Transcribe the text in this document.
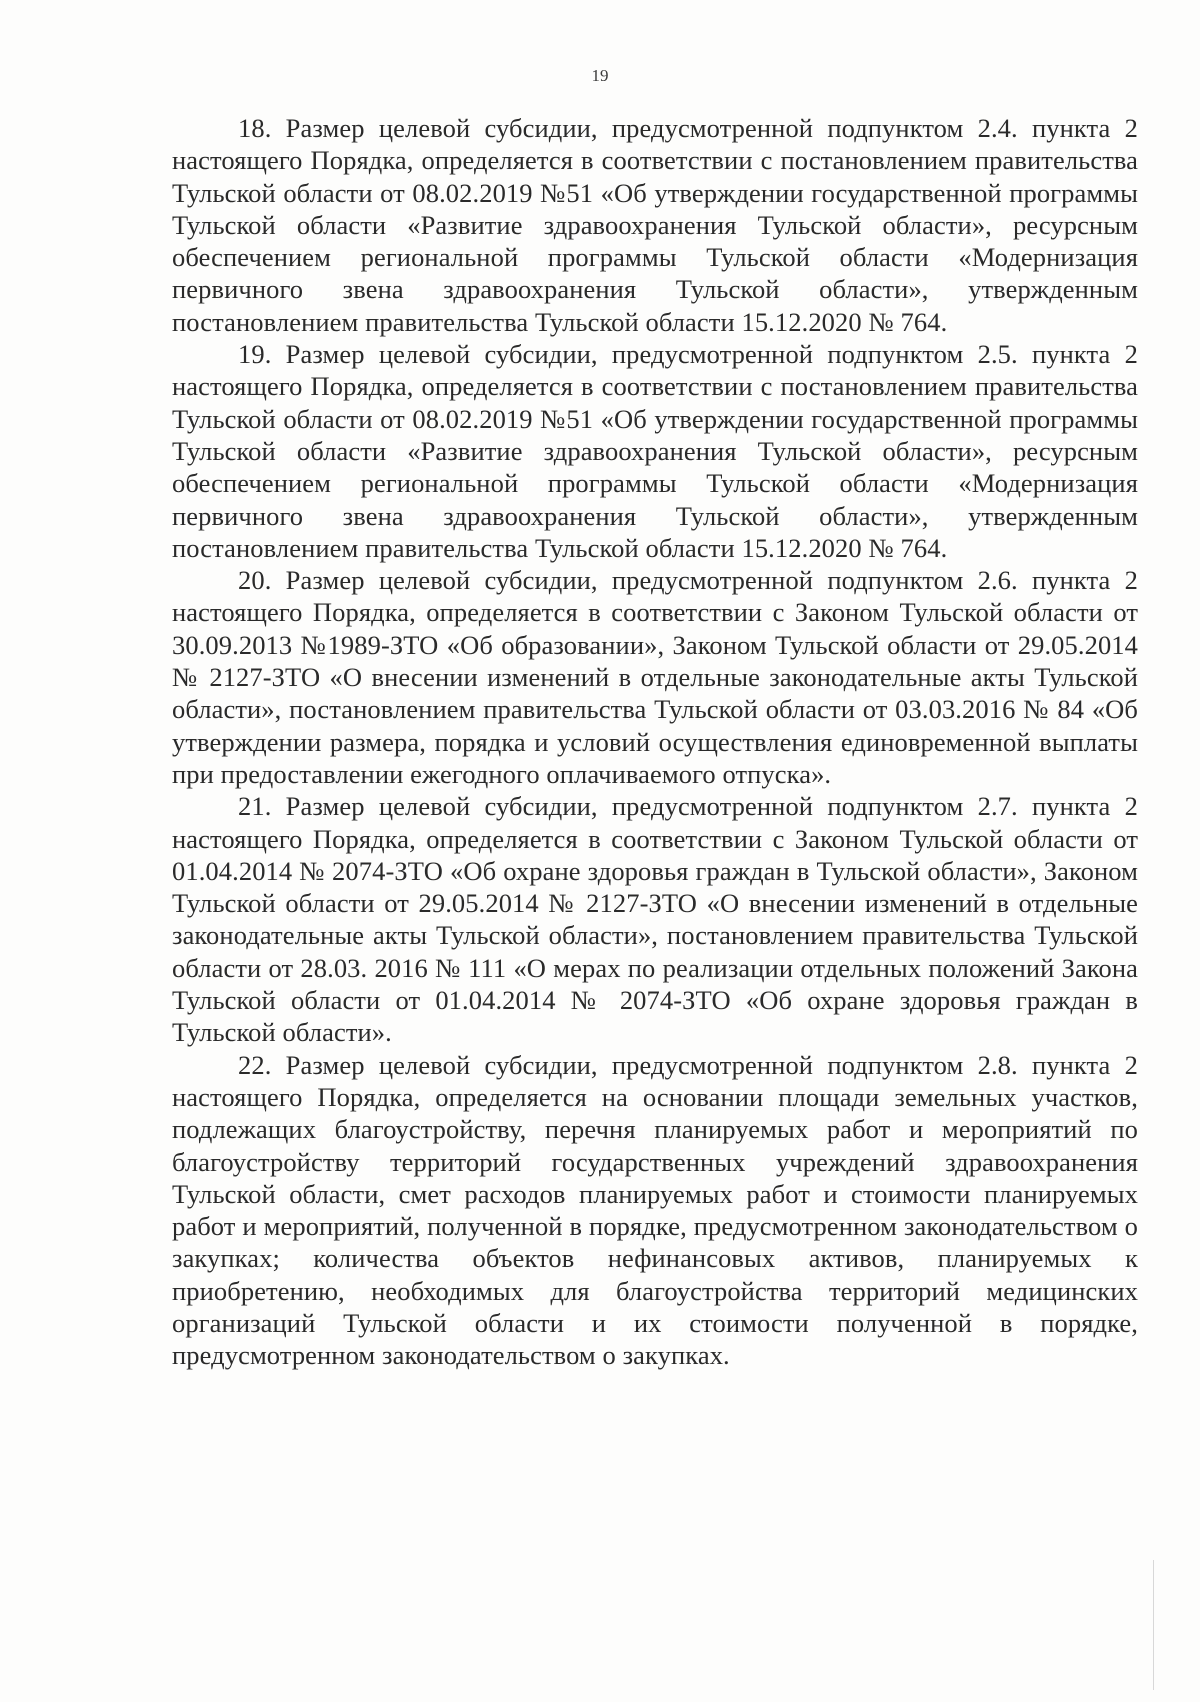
19

18. Размер целевой субсидии, предусмотренной подпунктом 2.4. пункта 2 настоящего Порядка, определяется в соответствии с постановлением правительства Тульской области от 08.02.2019 №51 «Об утверждении государственной программы Тульской области «Развитие здравоохранения Тульской области», ресурсным обеспечением региональной программы Тульской области «Модернизация первичного звена здравоохранения Тульской области», утвержденным постановлением правительства Тульской области 15.12.2020 № 764.

19. Размер целевой субсидии, предусмотренной подпунктом 2.5. пункта 2 настоящего Порядка, определяется в соответствии с постановлением правительства Тульской области от 08.02.2019 №51 «Об утверждении государственной программы Тульской области «Развитие здравоохранения Тульской области», ресурсным обеспечением региональной программы Тульской области «Модернизация первичного звена здравоохранения Тульской области», утвержденным постановлением правительства Тульской области 15.12.2020 № 764.

20. Размер целевой субсидии, предусмотренной подпунктом 2.6. пункта 2 настоящего Порядка, определяется в соответствии с Законом Тульской области от 30.09.2013 №1989-ЗТО «Об образовании», Законом Тульской области от 29.05.2014 № 2127-ЗТО «О внесении изменений в отдельные законодательные акты Тульской области», постановлением правительства Тульской области от 03.03.2016 № 84 «Об утверждении размера, порядка и условий осуществления единовременной выплаты при предоставлении ежегодного оплачиваемого отпуска».

21. Размер целевой субсидии, предусмотренной подпунктом 2.7. пункта 2 настоящего Порядка, определяется в соответствии с Законом Тульской области от 01.04.2014 № 2074-ЗТО «Об охране здоровья граждан в Тульской области», Законом Тульской области от 29.05.2014 № 2127-ЗТО «О внесении изменений в отдельные законодательные акты Тульской области», постановлением правительства Тульской области от 28.03. 2016 № 111 «О мерах по реализации отдельных положений Закона Тульской области от 01.04.2014 № 2074-ЗТО «Об охране здоровья граждан в Тульской области».

22. Размер целевой субсидии, предусмотренной подпунктом 2.8. пункта 2 настоящего Порядка, определяется на основании площади земельных участков, подлежащих благоустройству, перечня планируемых работ и мероприятий по благоустройству территорий государственных учреждений здравоохранения Тульской области, смет расходов планируемых работ и стоимости планируемых работ и мероприятий, полученной в порядке, предусмотренном законодательством о закупках; количества объектов нефинансовых активов, планируемых к приобретению, необходимых для благоустройства территорий медицинских организаций Тульской области и их стоимости полученной в порядке, предусмотренном законодательством о закупках.
